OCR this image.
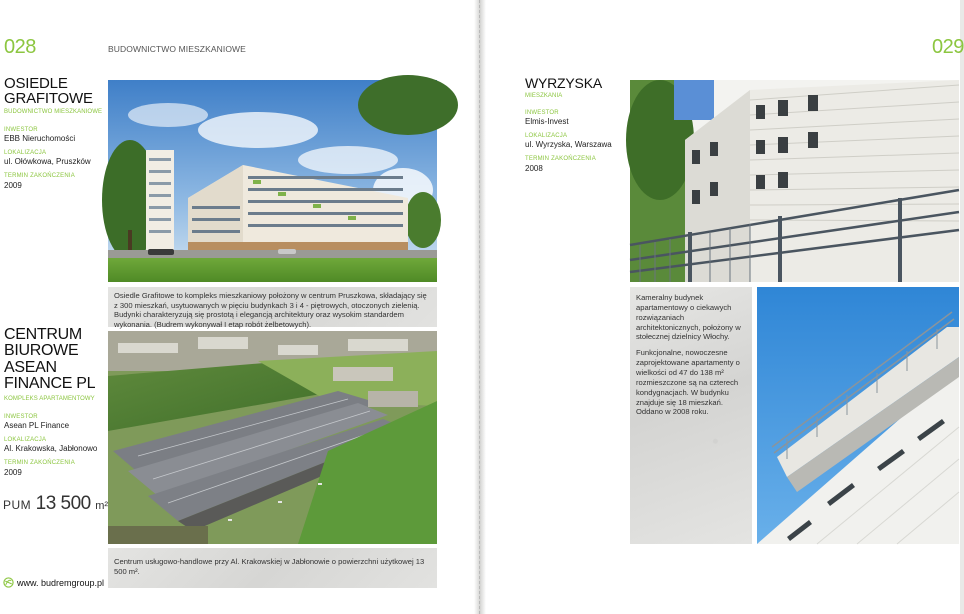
028	BUDOWNICTWO MIESZKANIOWE	029
OSIEDLE
GRAFITOWE
BUDOWNICTWO MIESZKANIOWE
INWESTOR
EBB Nieruchomości
LOKALIZACJA
ul. Ołówkowa, Pruszków
TERMIN ZAKOŃCZENIA
2009
Osiedle Grafitowe to kompleks mieszkaniowy położony w centrum Pruszkowa, składający się z 300 mieszkań, usytuowanych w pięciu budynkach 3 i 4 - piętrowych, otoczonych zielenią. Budynki charakteryzują się prostotą i elegancją architektury oraz wysokim standardem wykonania. (Budrem wykonywał I etap robót żelbetowych).
CENTRUM
BIUROWE
ASEAN
FINANCE PL
KOMPLEKS APARTAMENTOWY
INWESTOR
Asean PL Finance
LOKALIZACJA
Al. Krakowska, Jabłonowo
TERMIN ZAKOŃCZENIA
2009
PUM 13 500 m²
Centrum usługowo-handlowe przy Al. Krakowskiej w Jabłonowie o powierzchni użytkowej 13 500 m².
www. budremgroup.pl
WYRZYSKA
MIESZKANIA
INWESTOR
Elmis-Invest
LOKALIZACJA
ul. Wyrzyska, Warszawa
TERMIN ZAKOŃCZENIA
2008

Kameralny budynek apartamentowy o ciekawych rozwiązaniach architektonicznych, położony w stołecznej dzielnicy Włochy.

Funkcjonalne, nowoczesne zaprojektowane apartamenty o wielkości od 47 do 138 m² rozmieszczone są na czterech kondygnacjach. W budynku znajduje się 18 mieszkań. Oddano w 2008 roku.
